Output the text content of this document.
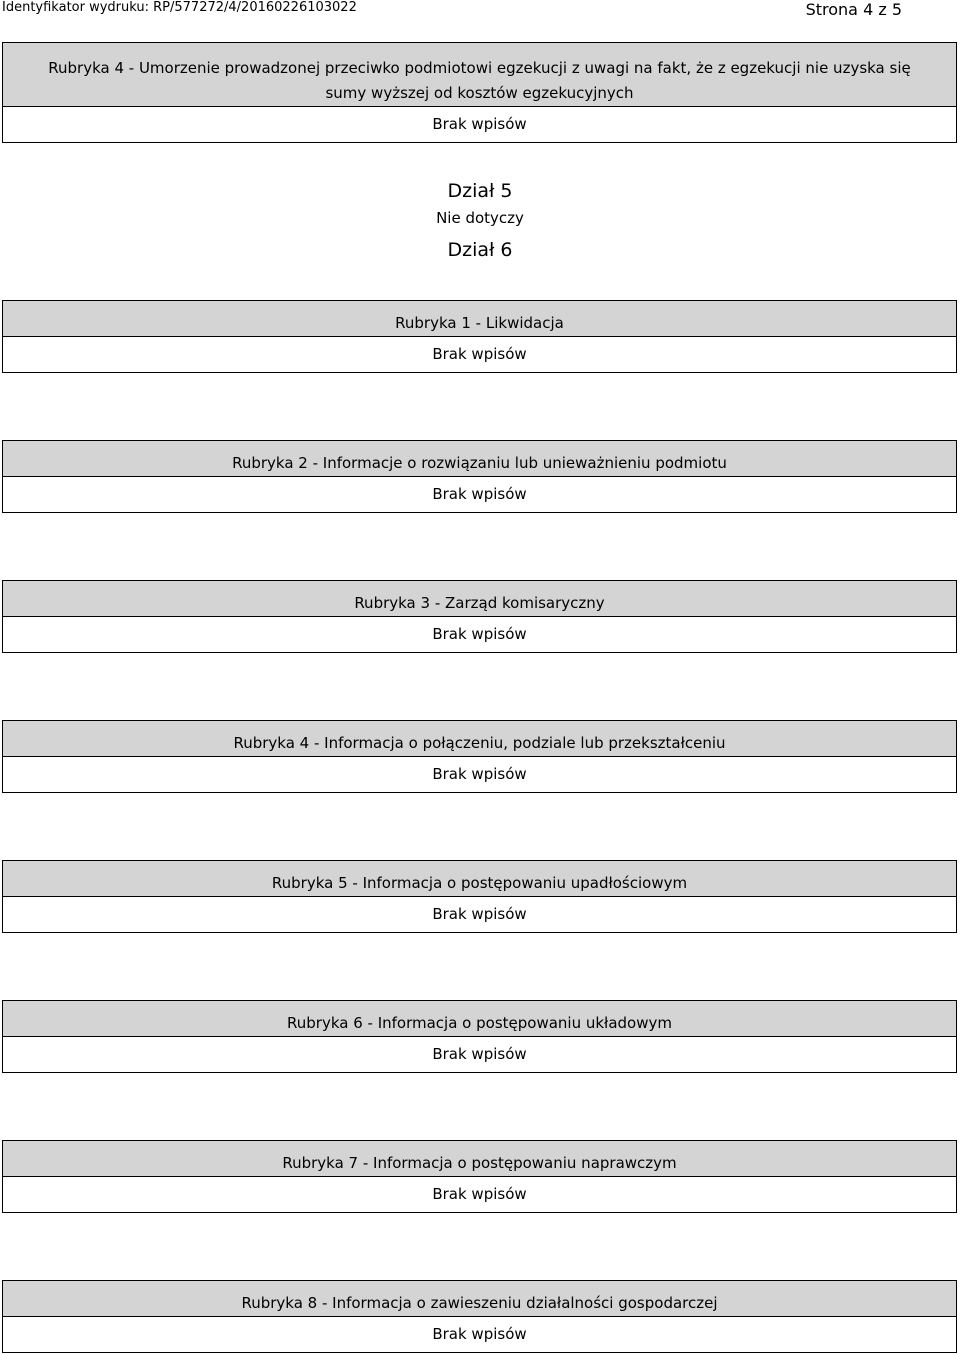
Identyfikator wydruku: RP/577272/4/20160226103022	Strona 4 z 5
Rubryka 4 - Umorzenie prowadzonej przeciwko podmiotowi egzekucji z uwagi na fakt, że z egzekucji nie uzyska się
sumy wyższej od kosztów egzekucyjnych
Brak wpisów
Dział 5
Nie dotyczy
Dział 6
Rubryka 1 - Likwidacja
Brak wpisów
Rubryka 2 - Informacje o rozwiązaniu lub unieważnieniu podmiotu
Brak wpisów
Rubryka 3 - Zarząd komisaryczny
Brak wpisów
Rubryka 4 - Informacja o połączeniu, podziale lub przekształceniu
Brak wpisów
Rubryka 5 - Informacja o postępowaniu upadłościowym
Brak wpisów
Rubryka 6 - Informacja o postępowaniu układowym
Brak wpisów
Rubryka 7 - Informacja o postępowaniu naprawczym
Brak wpisów
Rubryka 8 - Informacja o zawieszeniu działalności gospodarczej
Brak wpisów
